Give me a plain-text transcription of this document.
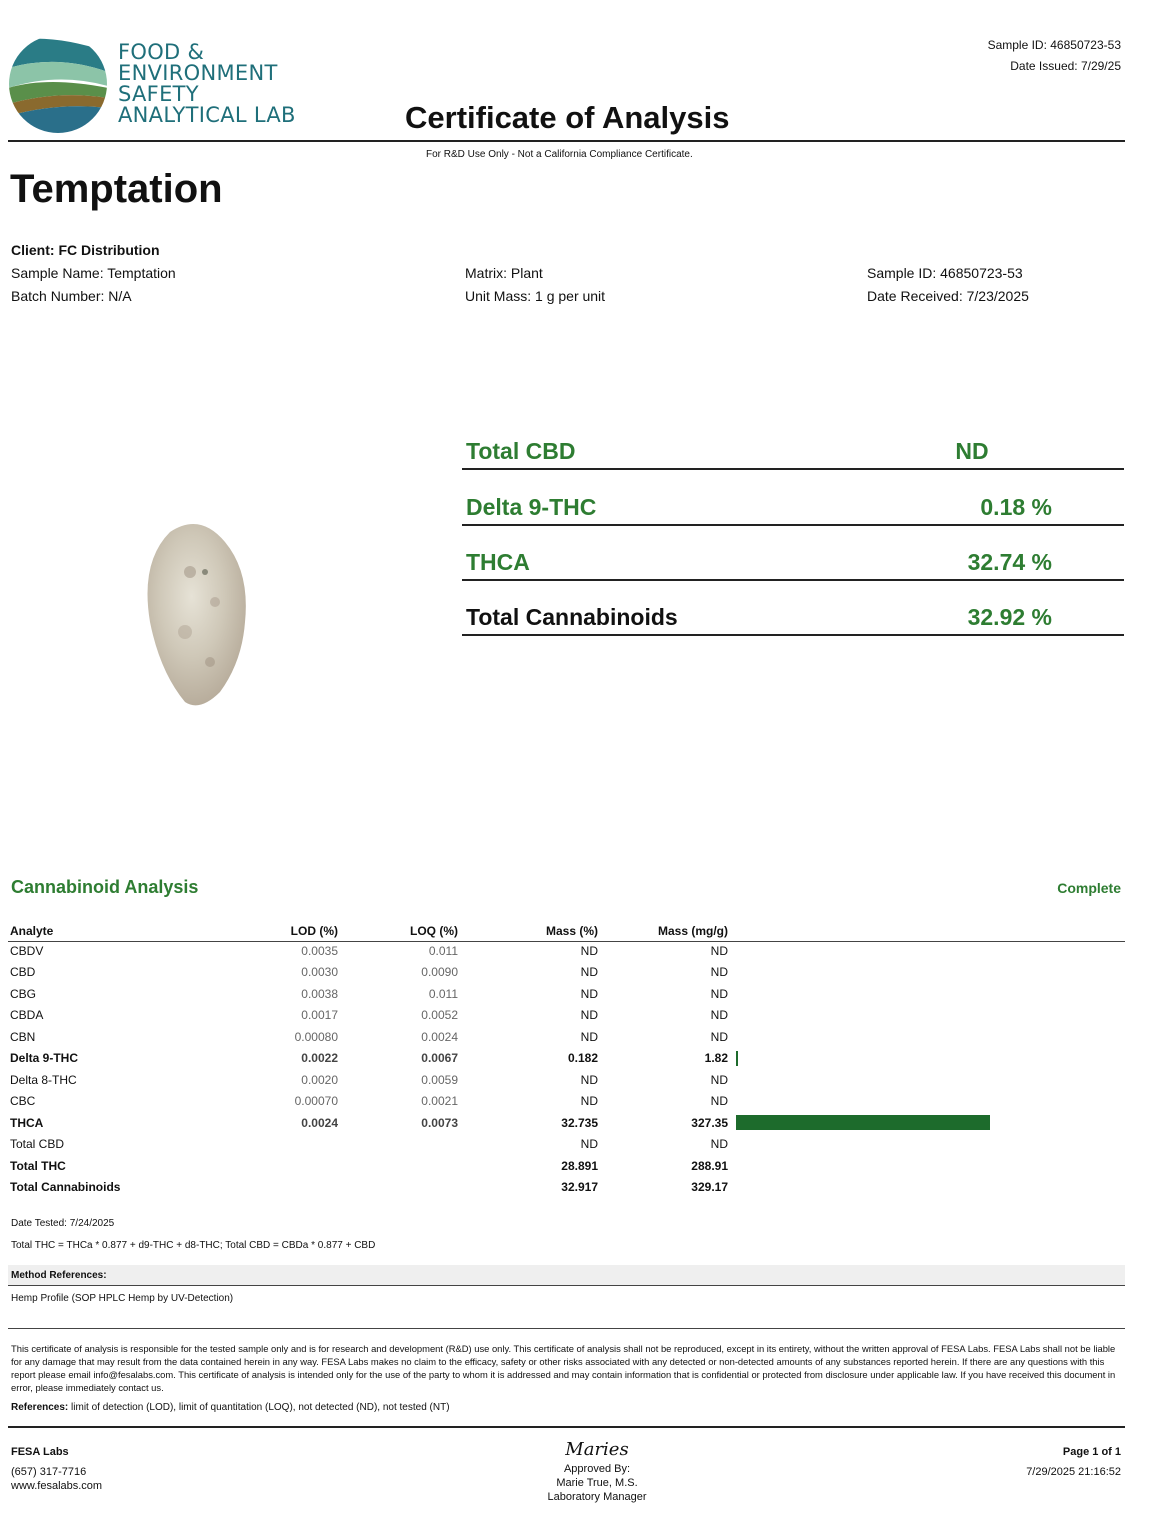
FOOD &
ENVIRONMENT
SAFETY
ANALYTICAL LAB
Sample ID: 46850723-53
Date Issued: 7/29/25
Certificate of Analysis
For R&D Use Only - Not a California Compliance Certificate.
Temptation
Client: FC Distribution
Sample Name: Temptation
Batch Number: N/A
Matrix: Plant
Unit Mass: 1 g per unit
Sample ID: 46850723-53
Date Received: 7/23/2025
Total CBD	ND
Delta 9-THC	0.18 %
THCA	32.74 %
Total Cannabinoids	32.92 %
Cannabinoid Analysis	Complete
Analyte	LOD (%)	LOQ (%)	Mass (%)	Mass (mg/g)	
CBDV	0.0035	0.011	ND	ND	
CBD	0.0030	0.0090	ND	ND	
CBG	0.0038	0.011	ND	ND	
CBDA	0.0017	0.0052	ND	ND	
CBN	0.00080	0.0024	ND	ND	
Delta 9-THC	0.0022	0.0067	0.182	1.82	

Delta 8-THC	0.0020	0.0059	ND	ND	
CBC	0.00070	0.0021	ND	ND	
THCA	0.0024	0.0073	32.735	327.35	

Total CBD			ND	ND	
Total THC			28.891	288.91	
Total Cannabinoids			32.917	329.17	
Date Tested: 7/24/2025
Total THC = THCa * 0.877 + d9-THC + d8-THC; Total CBD = CBDa * 0.877 + CBD
Method References:
Hemp Profile (SOP HPLC Hemp by UV-Detection)
This certificate of analysis is responsible for the tested sample only and is for research and development (R&D) use only. This certificate of analysis shall not be reproduced, except in its entirety, without the written approval of FESA Labs. FESA Labs shall not be liable for any damage that may result from the data contained herein in any way. FESA Labs makes no claim to the efficacy, safety or other risks associated with any detected or non-detected amounts of any substances reported herein. If there are any questions with this report please email info@fesalabs.com. This certificate of analysis is intended only for the use of the party to whom it is addressed and may contain information that is confidential or protected from disclosure under applicable law. If you have received this document in error, please immediately contact us.
References: limit of detection (LOD), limit of quantitation (LOQ), not detected (ND), not tested (NT)
FESA Labs
(657) 317-7716
www.fesalabs.com
Maries
Approved By:
Marie True, M.S.
Laboratory Manager
Page 1 of 1
7/29/2025 21:16:52
